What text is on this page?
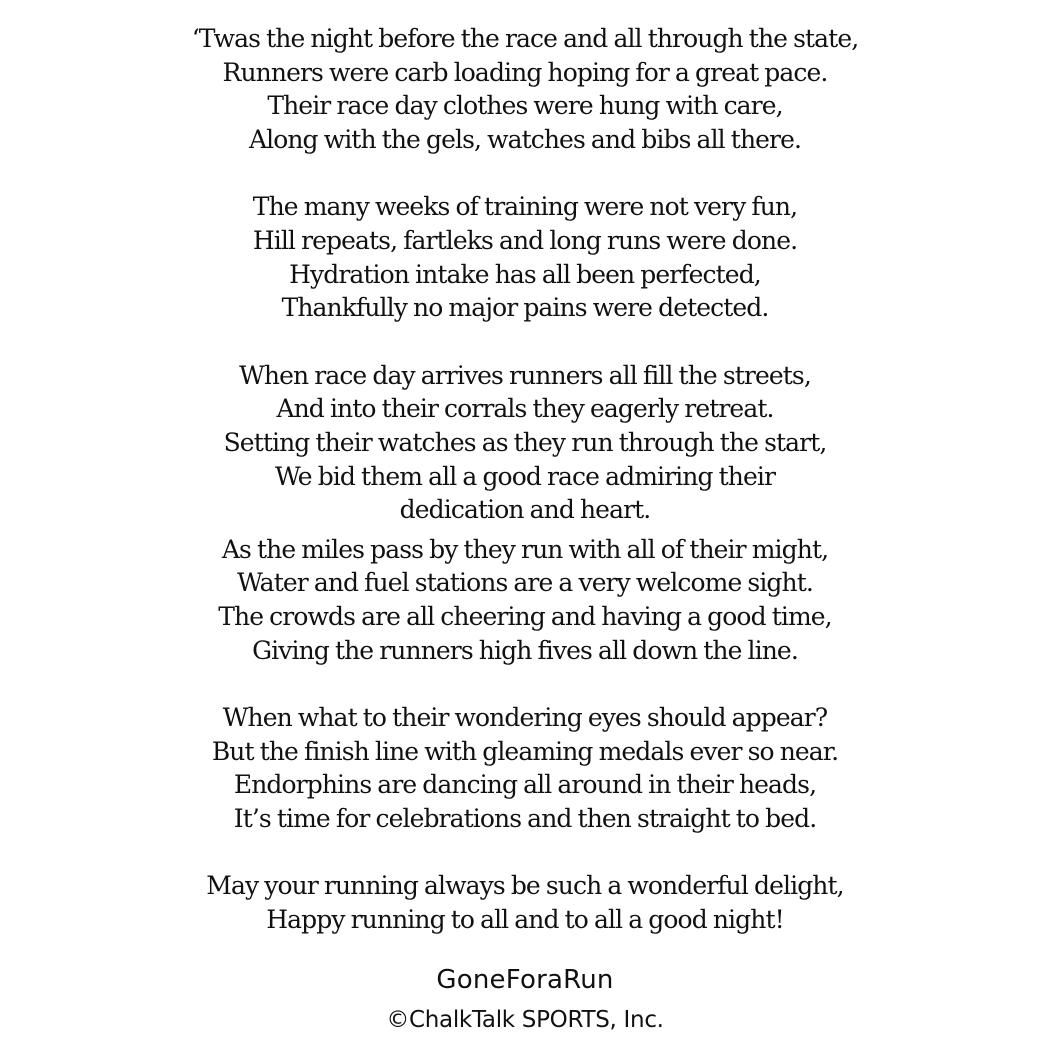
‘Twas the night before the race and all through the state,
Runners were carb loading hoping for a great pace.
Their race day clothes were hung with care,
Along with the gels, watches and bibs all there.
The many weeks of training were not very fun,
Hill repeats, fartleks and long runs were done.
Hydration intake has all been perfected,
Thankfully no major pains were detected.
When race day arrives runners all fill the streets,
And into their corrals they eagerly retreat.
Setting their watches as they run through the start,
We bid them all a good race admiring their
dedication and heart.
As the miles pass by they run with all of their might,
Water and fuel stations are a very welcome sight.
The crowds are all cheering and having a good time,
Giving the runners high fives all down the line.
When what to their wondering eyes should appear?
But the finish line with gleaming medals ever so near.
Endorphins are dancing all around in their heads,
It’s time for celebrations and then straight to bed.
May your running always be such a wonderful delight,
Happy running to all and to all a good night!
GoneForaRun
©ChalkTalk SPORTS, Inc.
